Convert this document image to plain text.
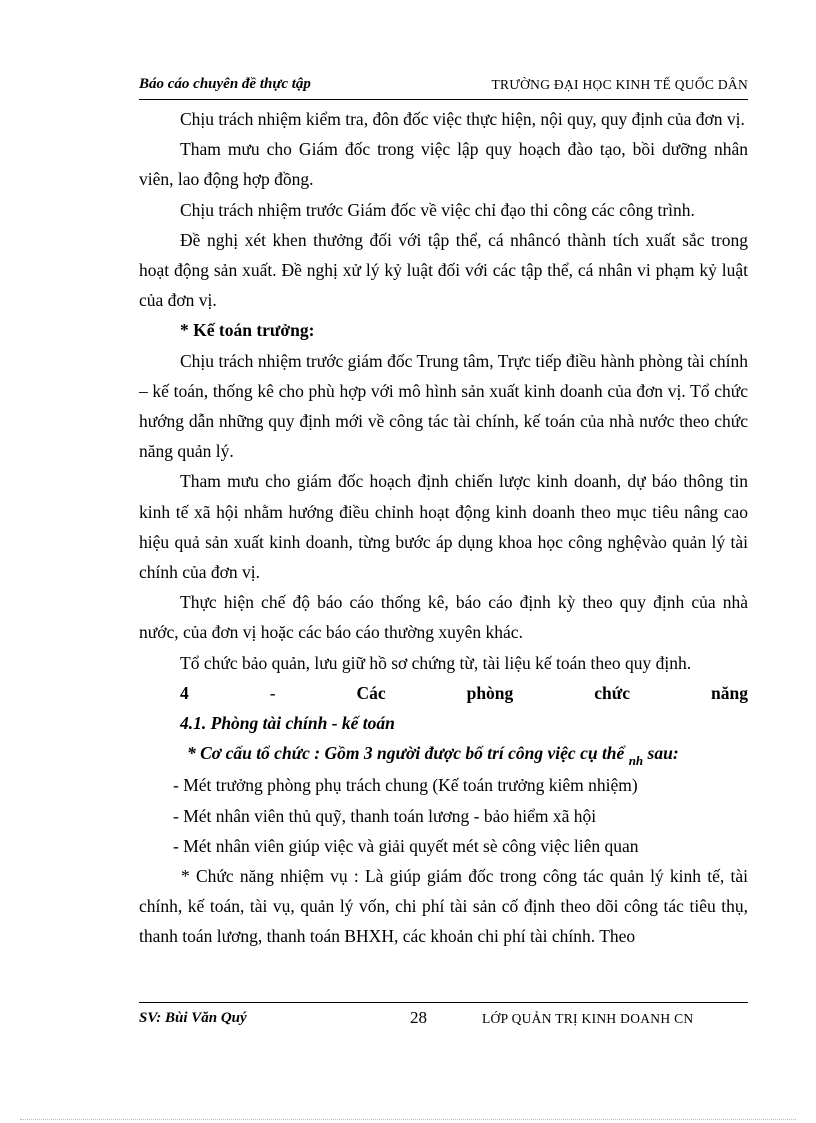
Báo cáo chuyên đề thực tập	TRƯỜNG ĐẠI HỌC KINH TẾ QUỐC DÂN

Chịu trách nhiệm kiểm tra, đôn đốc việc thực hiện, nội quy, quy định của đơn vị.

Tham mưu cho Giám đốc trong việc lập quy hoạch đào tạo, bồi dưỡng nhân viên, lao động hợp đồng.

Chịu trách nhiệm trước Giám đốc về việc chỉ đạo thi công các công trình.

Đề nghị xét khen thưởng đối với tập thể, cá nhâncó thành tích xuất sắc trong hoạt động sản xuất. Đề nghị xử lý kỷ luật đối với các tập thể, cá nhân vi phạm kỷ luật của đơn vị.

* Kế toán trưởng:

Chịu trách nhiệm trước giám đốc Trung tâm, Trực tiếp điều hành phòng tài chính – kế toán, thống kê cho phù hợp với mô hình sản xuất kinh doanh của đơn vị. Tổ chức hướng dẫn những quy định mới về công tác tài chính, kế toán của nhà nước theo chức năng quản lý.

Tham mưu cho giám đốc hoạch định chiến lược kinh doanh, dự báo thông tin kinh tế xã hội nhằm hướng điều chỉnh hoạt động kinh doanh theo mục tiêu nâng cao hiệu quả sản xuất kinh doanh, từng bước áp dụng khoa học công nghệvào quản lý tài chính của đơn vị.

Thực hiện chế độ báo cáo thống kê, báo cáo định kỳ theo quy định của nhà nước, của đơn vị hoặc các báo cáo thường xuyên khác.

Tổ chức bảo quản, lưu giữ hồ sơ chứng từ, tài liệu kế toán theo quy định.

4	-	Các	phòng	chức	năng

4.1. Phòng tài chính - kế toán

* Cơ cấu tổ chức : Gồm 3 người được bố trí công việc cụ thể $_{nh}$ sau:

- Mét trưởng phòng phụ trách chung (Kế toán trưởng kiêm nhiệm)

- Mét nhân viên thủ quỹ, thanh toán lương - bảo hiểm xã hội

- Mét nhân viên giúp việc và giải quyết mét sè công việc liên quan

* Chức năng nhiệm vụ : Là giúp giám đốc trong công tác quản lý kinh tế, tài chính, kế toán, tài vụ, quản lý vốn, chi phí tài sản cố định theo dõi công tác tiêu thụ, thanh toán lương, thanh toán BHXH, các khoản chi phí tài chính. Theo

SV: Bùi Văn Quý	28	LỚP QUẢN TRỊ KINH DOANH CN
